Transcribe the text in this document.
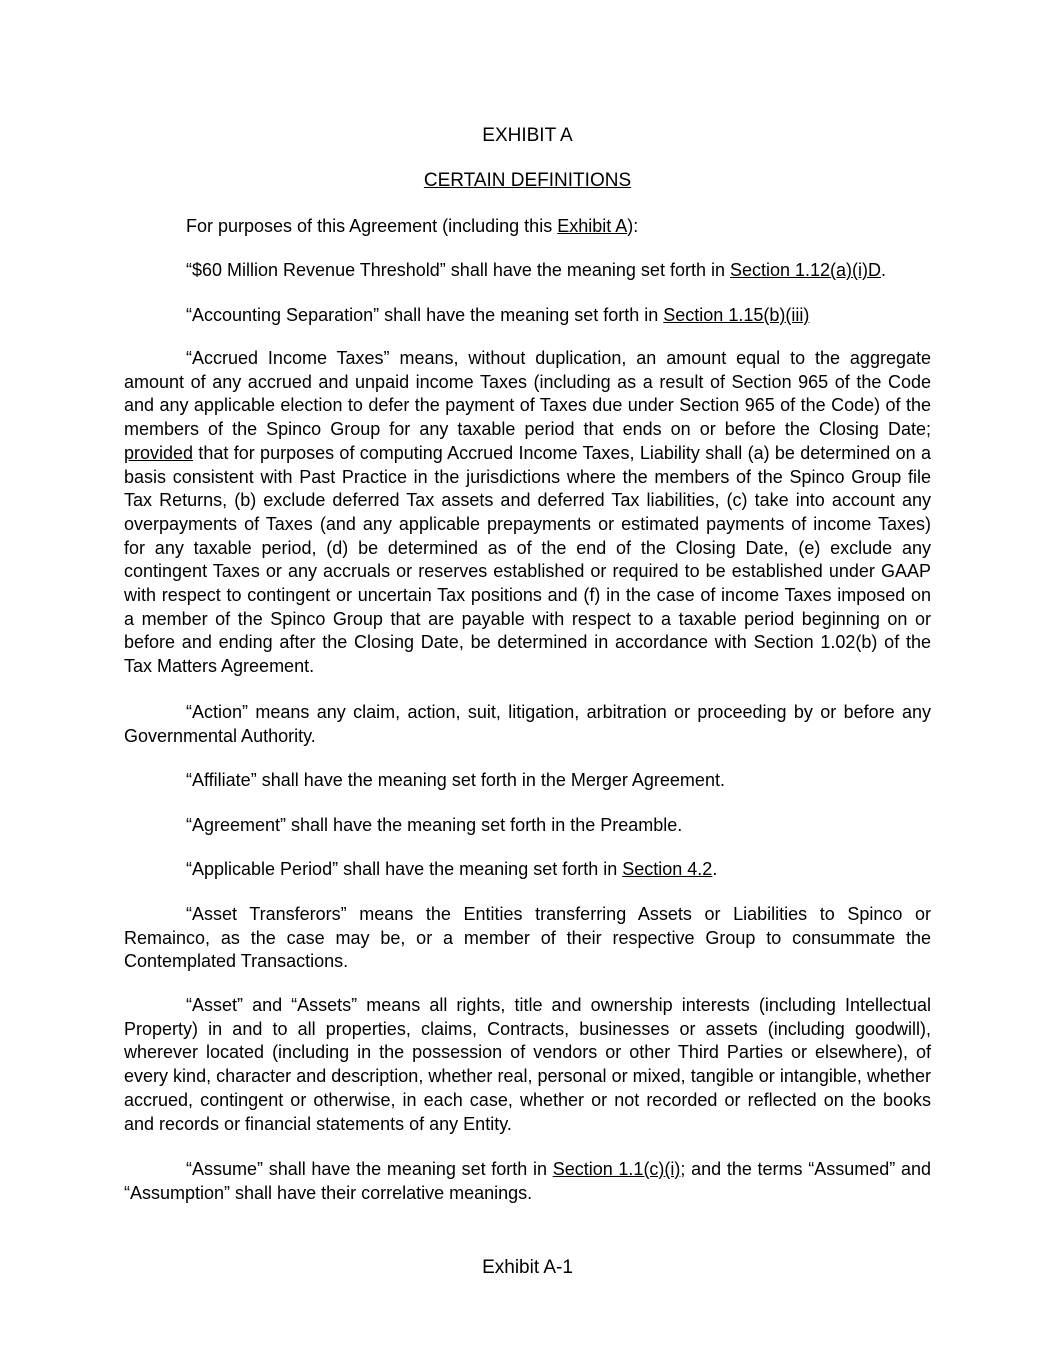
EXHIBIT A
CERTAIN DEFINITIONS
For purposes of this Agreement (including this Exhibit A):

“$60 Million Revenue Threshold” shall have the meaning set forth in Section 1.12(a)(i)D.

“Accounting Separation” shall have the meaning set forth in Section 1.15(b)(iii)

“Accrued Income Taxes” means, without duplication, an amount equal to the aggregate amount of any accrued and unpaid income Taxes (including as a result of Section 965 of the Code and any applicable election to defer the payment of Taxes due under Section 965 of the Code) of the members of the Spinco Group for any taxable period that ends on or before the Closing Date; provided that for purposes of computing Accrued Income Taxes, Liability shall (a) be determined on a basis consistent with Past Practice in the jurisdictions where the members of the Spinco Group file Tax Returns, (b) exclude deferred Tax assets and deferred Tax liabilities, (c) take into account any overpayments of Taxes (and any applicable prepayments or estimated payments of income Taxes) for any taxable period, (d) be determined as of the end of the Closing Date, (e) exclude any contingent Taxes or any accruals or reserves established or required to be established under GAAP with respect to contingent or uncertain Tax positions and (f) in the case of income Taxes imposed on a member of the Spinco Group that are payable with respect to a taxable period beginning on or before and ending after the Closing Date, be determined in accordance with Section 1.02(b) of the Tax Matters Agreement.

“Action” means any claim, action, suit, litigation, arbitration or proceeding by or before any Governmental Authority.

“Affiliate” shall have the meaning set forth in the Merger Agreement.

“Agreement” shall have the meaning set forth in the Preamble.

“Applicable Period” shall have the meaning set forth in Section 4.2.

“Asset Transferors” means the Entities transferring Assets or Liabilities to Spinco or Remainco, as the case may be, or a member of their respective Group to consummate the Contemplated Transactions.

“Asset” and “Assets” means all rights, title and ownership interests (including Intellectual Property) in and to all properties, claims, Contracts, businesses or assets (including goodwill), wherever located (including in the possession of vendors or other Third Parties or elsewhere), of every kind, character and description, whether real, personal or mixed, tangible or intangible, whether accrued, contingent or otherwise, in each case, whether or not recorded or reflected on the books and records or financial statements of any Entity.

“Assume” shall have the meaning set forth in Section 1.1(c)(i); and the terms “Assumed” and “Assumption” shall have their correlative meanings.

Exhibit A-1
